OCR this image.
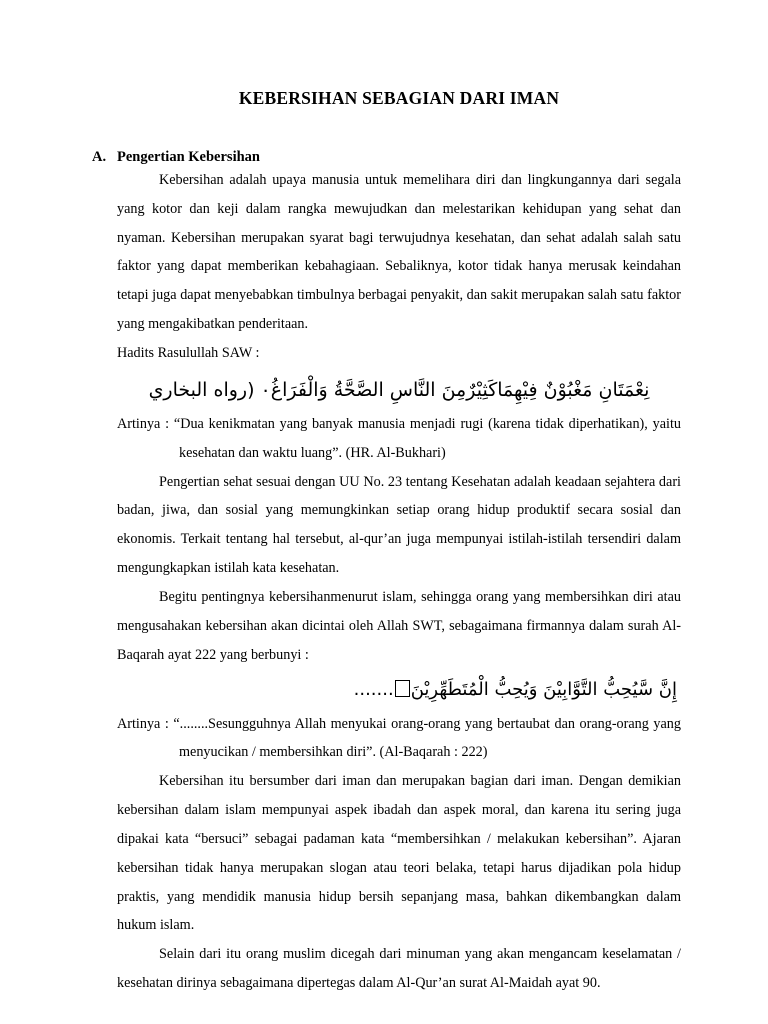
KEBERSIHAN SEBAGIAN DARI IMAN
A. Pengertian Kebersihan

Kebersihan adalah upaya manusia untuk memelihara diri dan lingkungannya dari segala yang kotor dan keji dalam rangka mewujudkan dan melestarikan kehidupan yang sehat dan nyaman. Kebersihan merupakan syarat bagi terwujudnya kesehatan, dan sehat adalah salah satu faktor yang dapat memberikan kebahagiaan. Sebaliknya, kotor tidak hanya merusak keindahan tetapi juga dapat menyebabkan timbulnya berbagai penyakit, dan sakit merupakan salah satu faktor yang mengakibatkan penderitaan.

Hadits Rasulullah SAW :

نِعْمَتَانِ مَغْبُوْنٌ فِيْهِمَاكَثِيْرٌمِنَ النَّاسِ الصَّحَّةُ وَالْفَرَاغُ٠ (رواه البخاري

Artinya : “Dua kenikmatan yang banyak manusia menjadi rugi (karena tidak diperhatikan), yaitu kesehatan dan waktu luang”. (HR. Al-Bukhari)

Pengertian sehat sesuai dengan UU No. 23 tentang Kesehatan adalah keadaan sejahtera dari badan, jiwa, dan sosial yang memungkinkan setiap orang hidup produktif secara sosial dan ekonomis. Terkait tentang hal tersebut, al-qur’an juga mempunyai istilah-istilah tersendiri dalam mengungkapkan istilah kata kesehatan.

Begitu pentingnya kebersihanmenurut islam, sehingga orang yang membersihkan diri atau mengusahakan kebersihan akan dicintai oleh Allah SWT, sebagaimana firmannya dalam surah Al-Baqarah ayat 222 yang berbunyi :

إِنَّ سَّيُحِبُّ التَّوَّابِيْنَ وَيُحِبُّ الْمُتَطَهِّرِيْنَ.......

Artinya : “........Sesungguhnya Allah menyukai orang-orang yang bertaubat dan orang-orang yang menyucikan / membersihkan diri”. (Al-Baqarah : 222)

Kebersihan itu bersumber dari iman dan merupakan bagian dari iman. Dengan demikian kebersihan dalam islam mempunyai aspek ibadah dan aspek moral, dan karena itu sering juga dipakai kata “bersuci” sebagai padaman kata “membersihkan / melakukan kebersihan”. Ajaran kebersihan tidak hanya merupakan slogan atau teori belaka, tetapi harus dijadikan pola hidup praktis, yang mendidik manusia hidup bersih sepanjang masa, bahkan dikembangkan dalam hukum islam.

Selain dari itu orang muslim dicegah dari minuman yang akan mengancam keselamatan / kesehatan dirinya sebagaimana dipertegas dalam Al-Qur’an surat Al-Maidah ayat 90.
